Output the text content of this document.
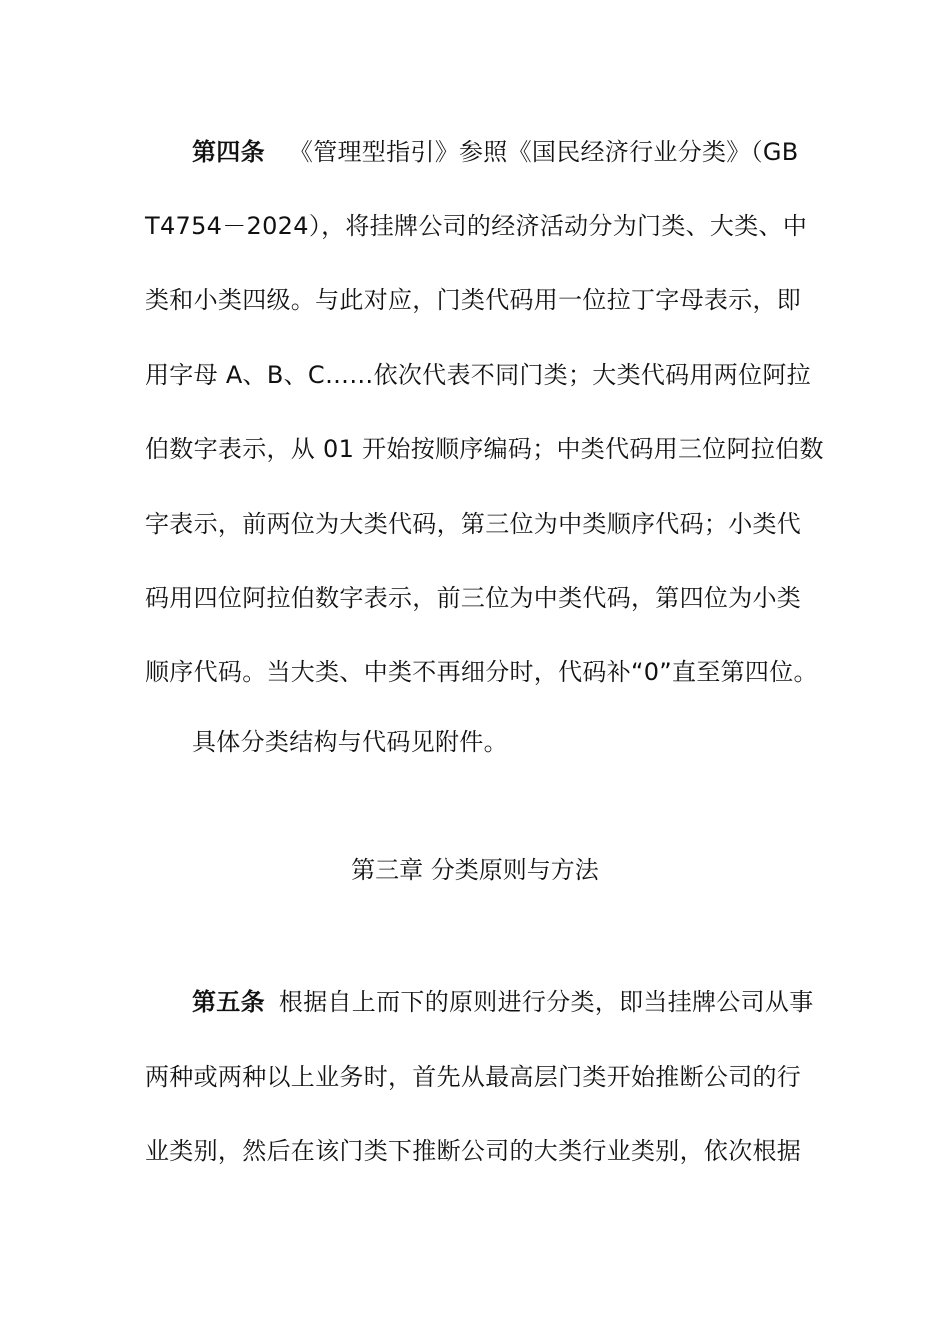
第四条 《管理型指引》参照《国民经济行业分类》（GB
T4754－2024），将挂牌公司的经济活动分为门类、大类、中
类和小类四级。与此对应，门类代码用一位拉丁字母表示，即
用字母 A、B、C……依次代表不同门类；大类代码用两位阿拉
伯数字表示，从 01 开始按顺序编码；中类代码用三位阿拉伯数
字表示，前两位为大类代码，第三位为中类顺序代码；小类代
码用四位阿拉伯数字表示，前三位为中类代码，第四位为小类
顺序代码。当大类、中类不再细分时，代码补“0”直至第四位。
具体分类结构与代码见附件。
第三章 分类原则与方法
第五条 根据自上而下的原则进行分类，即当挂牌公司从事
两种或两种以上业务时，首先从最高层门类开始推断公司的行
业类别，然后在该门类下推断公司的大类行业类别，依次根据
